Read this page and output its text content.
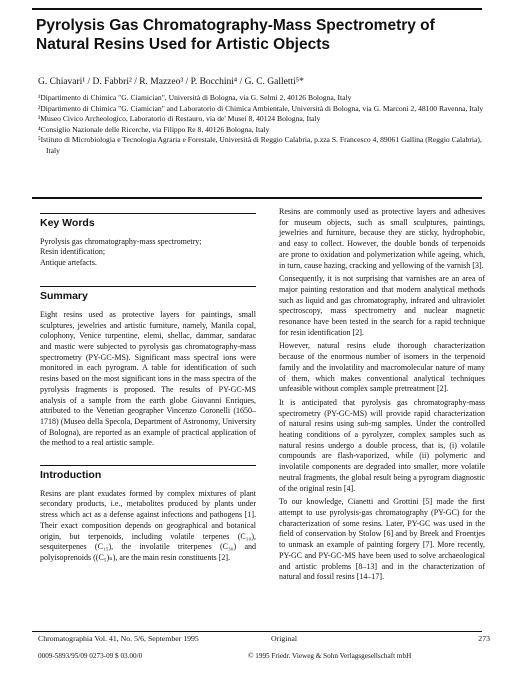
Pyrolysis Gas Chromatography-Mass Spectrometry of Natural Resins Used for Artistic Objects
G. Chiavari¹ / D. Fabbri² / R. Mazzeo³ / P. Bocchini⁴ / G. C. Galletti⁵*
¹Dipartimento di Chimica "G. Ciamician", Università di Bologna, via G. Selmi 2, 40126 Bologna, Italy
²Dipartimento di Chimica "G. Ciamician" and Laboratorio di Chimica Ambientale, Università di Bologna, via G. Marconi 2, 48100 Ravenna, Italy
³Museo Civico Archeologico, Laboratorio di Restauro, via de' Musei 8, 40124 Bologna, Italy
⁴Consiglio Nazionale delle Ricerche, via Filippo Re 8, 40126 Bologna, Italy
⁵Istituto di Microbiologia e Tecnologia Agraria e Forestale, Università di Reggio Calabria, p.zza S. Francesco 4, 89061 Gallina (Reggio Calabria), Italy
Key Words
Pyrolysis gas chromatography-mass spectrometry;
Resin identification;
Antique artefacts.
Summary

Eight resins used as protective layers for paintings, small sculptures, jewelries and artistic furniture, namely, Manila copal, colophony, Venice turpentine, elemi, shellac, dammar, sandarac and mastic were subjected to pyrolysis gas chromatography-mass spectrometry (PY-GC-MS). Significant mass spectral ions were monitored in each pyrogram. A table for identification of such resins based on the most significant ions in the mass spectra of the pyrolysis fragments is proposed. The results of PY-GC-MS analysis of a sample from the earth globe Giovanni Enriques, attributed to the Venetian geographer Vincenzo Coronelli (1650–1718) (Museo della Specola, Department of Astronomy, University of Bologna), are reported as an example of practical application of the method to a real artistic sample.

Introduction

Resins are plant exudates formed by complex mixtures of plant secondary products, i.e., metabolites produced by plants under stress which act as a defense against infections and pathogens [1]. Their exact composition depends on geographical and botanical origin, but terpenoids, including volatile terpenes (C₁₀), sesquiterpenes (C₁₅), the involatile triterpenes (C₃₀) and polyisoprenoids ((C₅)ₙ), are the main resin constituents [2].

Resins are commonly used as protective layers and adhesives for museum objects, such as small sculptures, paintings, jewelries and furniture, because they are sticky, hydrophobic, and easy to collect. However, the double bonds of terpenoids are prone to oxidation and polymerization while ageing, which, in turn, cause hazing, cracking and yellowing of the varnish [3].

Consequently, it is not surprising that varnishes are an area of major painting restoration and that modern analytical methods such as liquid and gas chromatography, infrared and ultraviolet spectroscopy, mass spectrometry and nuclear magnetic resonance have been tested in the search for a rapid technique for resin identification [2].

However, natural resins elude thorough characterization because of the enormous number of isomers in the terpenoid family and the involatility and macromolecular nature of many of them, which makes conventional analytical techniques unfeasible without complex sample pretreatment [2].

It is anticipated that pyrolysis gas chromatography-mass spectrometry (PY-GC-MS) will provide rapid characterization of natural resins using sub-mg samples. Under the controlled heating conditions of a pyrolyzer, complex samples such as natural resins undergo a double process, that is, (i) volatile compounds are flash-vaporized, while (ii) polymeric and involatile components are degraded into smaller, more volatile neutral fragments, the global result being a pyrogram diagnostic of the original resin [4].

To our knowledge, Cianetti and Grottini [5] made the first attempt to use pyrolysis-gas chromatography (PY-GC) for the characterization of some resins. Later, PY-GC was used in the field of conservation by Stolow [6] and by Breek and Froentjes to unmask an example of painting forgery [7]. More recently, PY-GC and PY-GC-MS have been used to solve archaeological and artistic problems [8–13] and in the characterization of natural and fossil resins [14–17].

Chromatographia Vol. 41, No. 5/6, September 1995	Original	273
0009-5893/95/09 0273-09 $ 03.00/0	© 1995 Friedr. Vieweg & Sohn Verlagsgesellschaft mbH
